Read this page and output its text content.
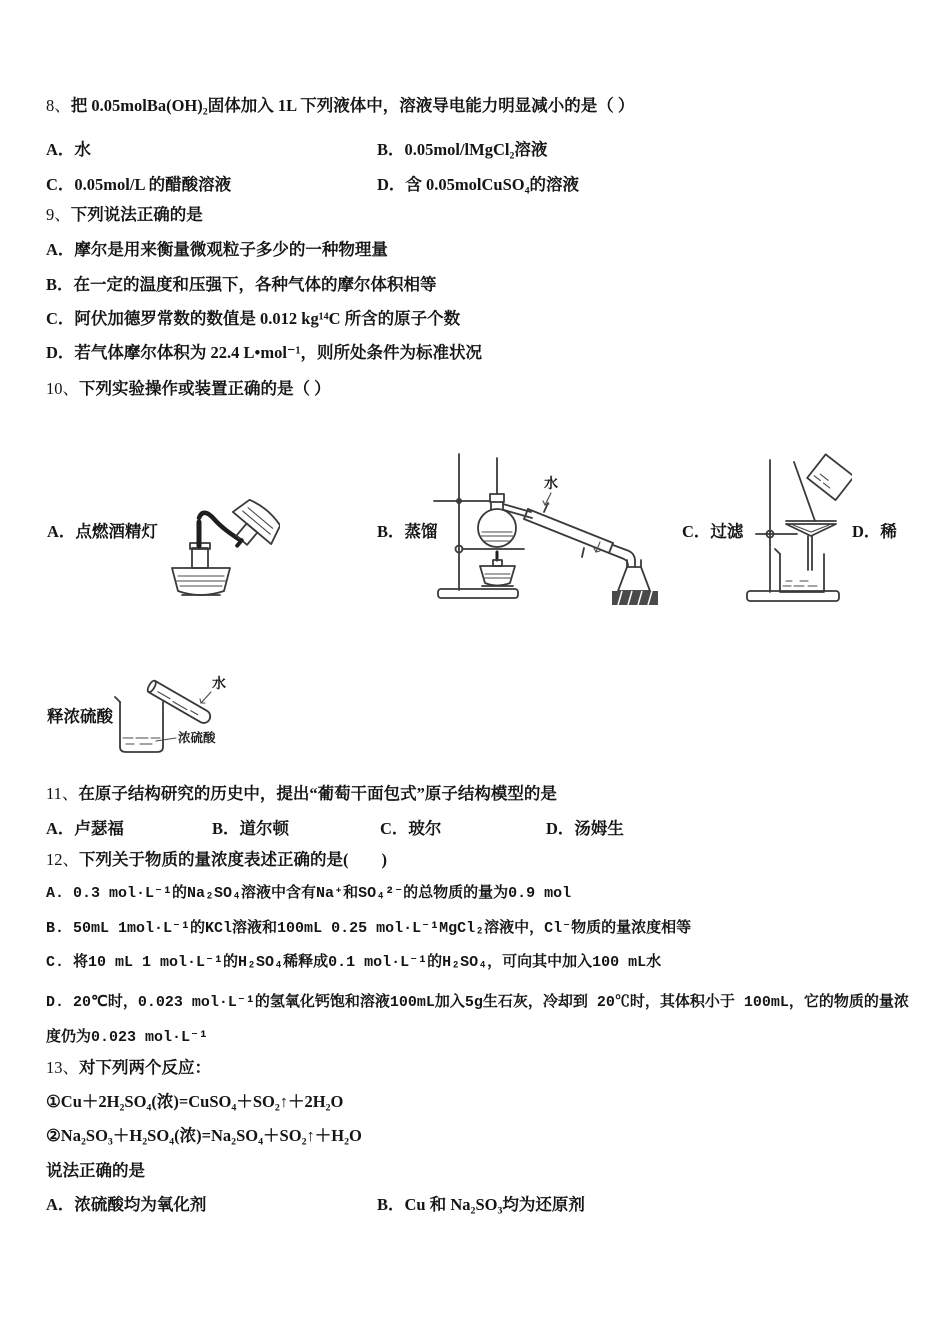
8、把 0.05molBa(OH)₂固体加入 1L 下列液体中，溶液导电能力明显减小的是（ ）
A．水	B．0.05mol/lMgCl₂溶液
C．0.05mol/L 的醋酸溶液	D．含 0.05molCuSO₄的溶液
9、下列说法正确的是
A．摩尔是用来衡量微观粒子多少的一种物理量
B．在一定的温度和压强下，各种气体的摩尔体积相等
C．阿伏加德罗常数的数值是 0.012 kg¹⁴C 所含的原子个数
D．若气体摩尔体积为 22.4 L•mol⁻¹，则所处条件为标准状况
10、下列实验操作或装置正确的是（ ）
A．点燃酒精灯	B．蒸馏	C．过滤	D．稀
释浓硫酸
水
水
浓硫酸
11、在原子结构研究的历史中，提出“葡萄干面包式”原子结构模型的是
A．卢瑟福	B．道尔顿	C．玻尔	D．汤姆生
12、下列关于物质的量浓度表述正确的是(　　)
A. 0.3 mol·L⁻¹的Na₂SO₄溶液中含有Na⁺和SO₄²⁻的总物质的量为0.9 mol
B. 50mL 1mol·L⁻¹的KCl溶液和100mL 0.25 mol·L⁻¹MgCl₂溶液中，Cl⁻物质的量浓度相等
C. 将10 mL 1 mol·L⁻¹的H₂SO₄稀释成0.1 mol·L⁻¹的H₂SO₄，可向其中加入100 mL水
D. 20℃时，0.023 mol·L⁻¹的氢氧化钙饱和溶液100mL加入5g生石灰，冷却到 20℃时，其体积小于 100mL，它的物质的量浓度仍为0.023 mol·L⁻¹
13、对下列两个反应：
①Cu＋2H₂SO₄(浓)=CuSO₄＋SO₂↑＋2H₂O
②Na₂SO₃＋H₂SO₄(浓)=Na₂SO₄＋SO₂↑＋H₂O
说法正确的是
A．浓硫酸均为氧化剂	B．Cu 和 Na₂SO₃均为还原剂
